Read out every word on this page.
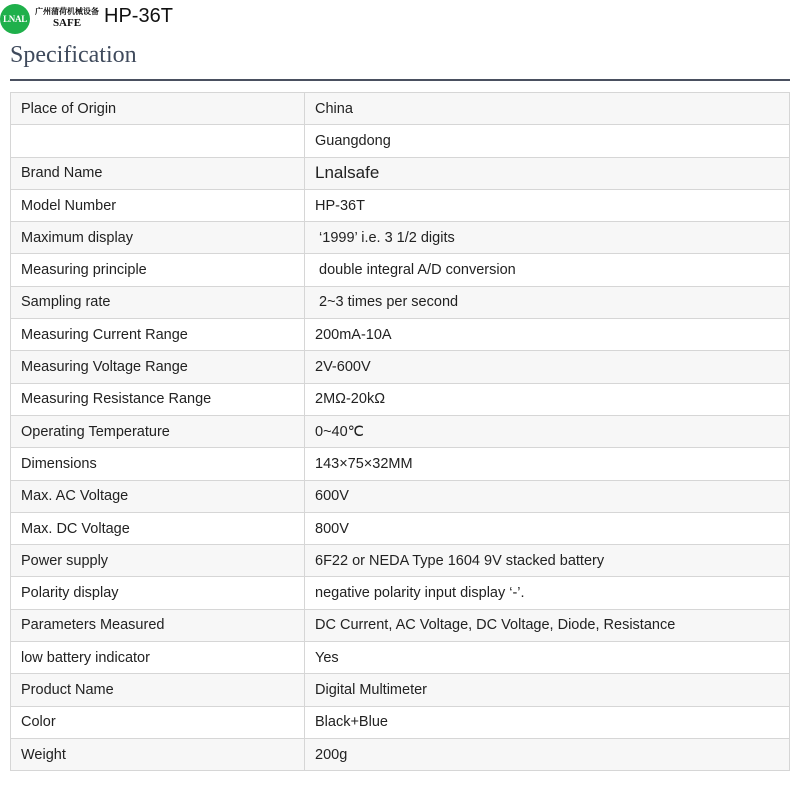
LNAL
广州蒲荷机械设备
SAFE	HP-36T
Specification
Place of Origin	China
	Guangdong
Brand Name	Lnalsafe
Model Number	HP-36T
Maximum display	‘1999’ i.e. 3 1/2 digits
Measuring principle	double integral A/D conversion
Sampling rate	2~3 times per second
Measuring Current Range	200mA-10A
Measuring Voltage Range	2V-600V
Measuring Resistance Range	2MΩ-20kΩ
Operating Temperature	0~40℃
Dimensions	143×75×32MM
Max. AC Voltage	600V
Max. DC Voltage	800V
Power supply	6F22 or NEDA Type 1604 9V stacked battery
Polarity display	negative polarity input display ‘-’.
Parameters Measured	DC Current, AC Voltage, DC Voltage, Diode, Resistance
low battery indicator	Yes
Product Name	Digital Multimeter
Color	Black+Blue
Weight	200g
